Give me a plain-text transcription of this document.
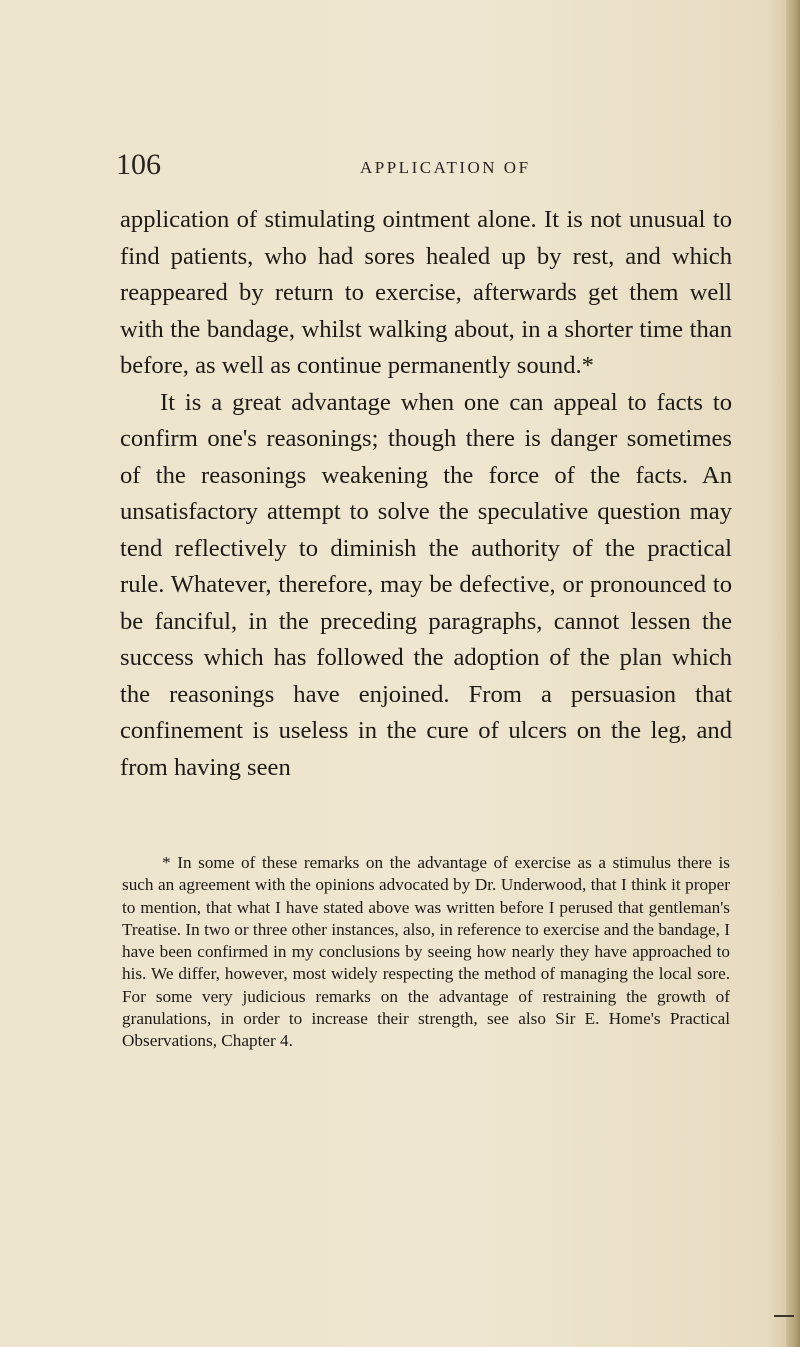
106	APPLICATION OF

application of stimulating ointment alone. It is not unusual to find patients, who had sores healed up by rest, and which reappeared by return to exercise, afterwards get them well with the bandage, whilst walking about, in a shorter time than before, as well as continue permanently sound.*

It is a great advantage when one can appeal to facts to confirm one's reasonings; though there is danger sometimes of the reasonings weakening the force of the facts. An unsatisfactory attempt to solve the speculative question may tend reflectively to diminish the authority of the practical rule. Whatever, therefore, may be defective, or pronounced to be fanciful, in the preceding paragraphs, cannot lessen the success which has followed the adoption of the plan which the reasonings have enjoined. From a persuasion that confinement is useless in the cure of ulcers on the leg, and from having seen

* In some of these remarks on the advantage of exercise as a stimulus there is such an agreement with the opinions advocated by Dr. Underwood, that I think it proper to mention, that what I have stated above was written before I perused that gentleman's Treatise. In two or three other instances, also, in reference to exercise and the bandage, I have been confirmed in my conclusions by seeing how nearly they have approached to his. We differ, however, most widely respecting the method of managing the local sore. For some very judicious remarks on the advantage of restraining the growth of granulations, in order to increase their strength, see also Sir E. Home's Practical Observations, Chapter 4.
